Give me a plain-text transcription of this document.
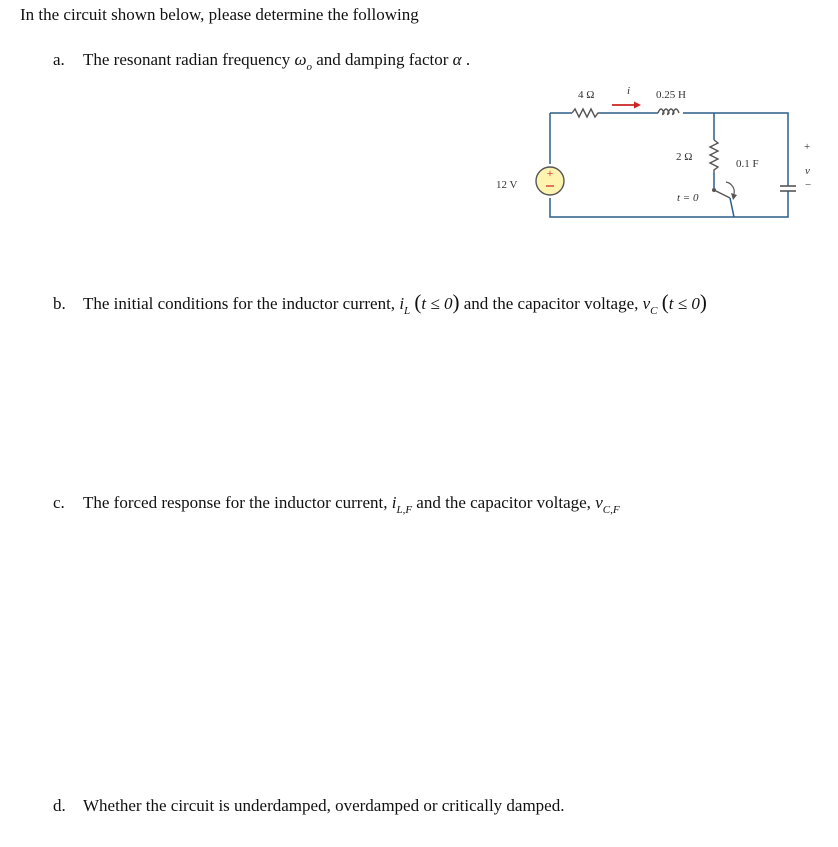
In the circuit shown below, please determine the following
a. The resonant radian frequency $\omega_o$ and damping factor α .
+
4 Ω	i 0.25 H
12 V
2 Ω
0.1 F
t = 0
+
v
−
b. The initial conditions for the inductor current, $i_L$ (t ≤ 0) and the capacitor voltage, $v_C$ (t ≤ 0)
c. The forced response for the inductor current, $i_{L,F}$ and the capacitor voltage, $v_{C,F}$
d. Whether the circuit is underdamped, overdamped or critically damped.
